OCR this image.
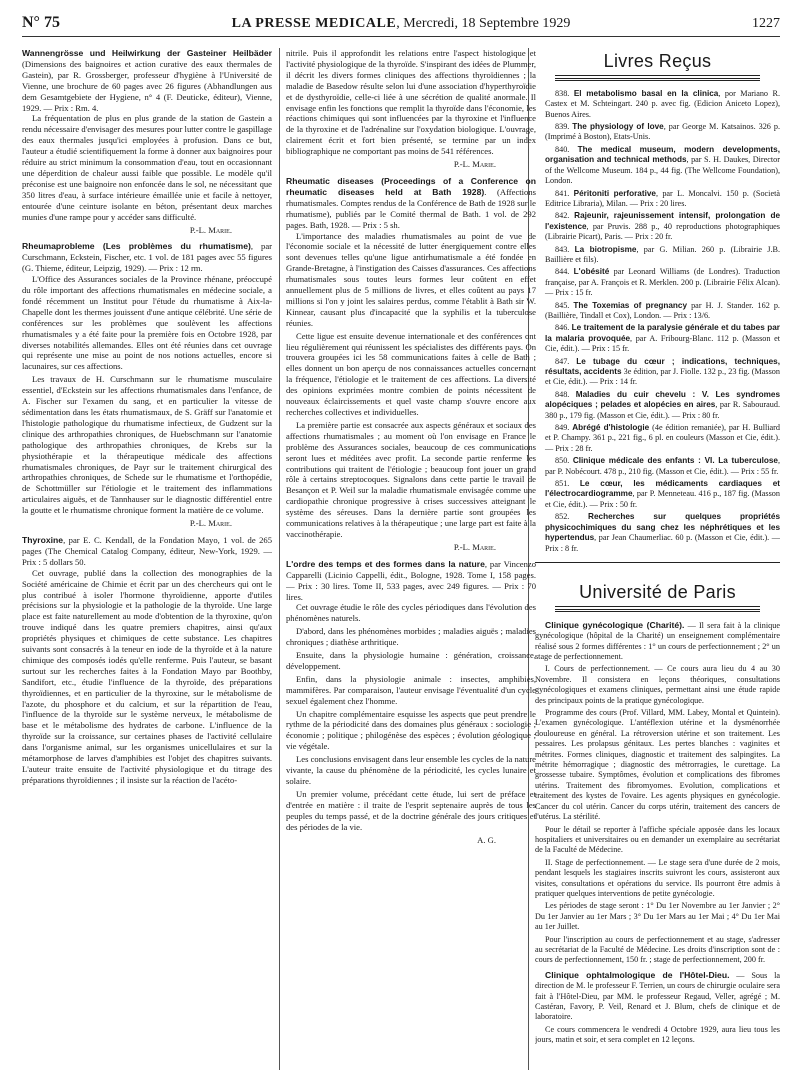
N° 75	LA PRESSE MEDICALE, Mercredi, 18 Septembre 1929	1227

Wannengrösse und Heilwirkung der Gasteiner Heilbäder (Dimensions des baignoires et action curative des eaux thermales de Gastein), par R. Grossberger, professeur d'hygiène à l'Université de Vienne, une brochure de 60 pages avec 26 figures (Abhandlungen aus dem Gesamtgebiete der Hygiene, n° 4 (F. Deuticke, éditeur), Vienne, 1929. — Prix : Rm. 4.

La fréquentation de plus en plus grande de la station de Gastein a rendu nécessaire d'envisager des mesures pour lutter contre le gaspillage des eaux thermales jusqu'ici employées à profusion. Dans ce but, l'auteur a étudié scientifiquement la forme à donner aux baignoires pour réduire au strict minimum la consommation d'eau, tout en occasionnant une déperdition de chaleur aussi faible que possible. Le modèle qu'il préconise est une baignoire non enfoncée dans le sol, ne nécessitant que 350 litres d'eau, à surface intérieure émaillée unie et facile à nettoyer, entourée d'une ceinture isolante en béton, présentant deux marches munies d'une rampe pour y accéder sans difficulté.

P.-L. Marie.

Rheumaprobleme (Les problèmes du rhumatisme), par Curschmann, Eckstein, Fischer, etc. 1 vol. de 181 pages avec 55 figures (G. Thieme, éditeur, Leipzig, 1929). — Prix : 12 rm.

L'Office des Assurances sociales de la Province rhénane, préoccupé du rôle important des affections rhumatismales en médecine sociale, a fondé récemment un Institut pour l'étude du rhumatisme à Aix-la-Chapelle dont les thermes jouissent d'une antique célébrité. Une série de conférences sur les problèmes que soulèvent les affections rhumatismales y a été faite pour la première fois en Octobre 1928, par diverses notabilités allemandes. Elles ont été réunies dans cet ouvrage qui représente une mise au point de nos notions actuelles, encore si lacunaires, sur ces affections.

Les travaux de H. Curschmann sur le rhumatisme musculaire essentiel, d'Eckstein sur les affections rhumatismales dans l'enfance, de A. Fischer sur l'examen du sang, et en particulier la vitesse de sédimentation dans les états rhumatismaux, de S. Gräff sur l'anatomie et l'histologie pathologique du rhumatisme infectieux, de Gudzent sur la clinique des arthropathies chroniques, de Huebschmann sur l'anatomie pathologique des arthropathies chroniques, de Krebs sur la physiothérapie et la thérapeutique médicale des affections rhumatismales chroniques, de Payr sur le traitement chirurgical des arthropathies chroniques, de Schede sur le rhumatisme et l'orthopédie, de Schottmüller sur l'étiologie et le traitement des inflammations articulaires aiguës, et de Tannhauser sur le diagnostic différentiel entre la goutte et le rhumatisme chronique forment la matière de ce volume.

P.-L. Marie.

Thyroxine, par E. C. Kendall, de la Fondation Mayo, 1 vol. de 265 pages (The Chemical Catalog Company, éditeur, New-York, 1929. — Prix : 5 dollars 50.

Cet ouvrage, publié dans la collection des monographies de la Société américaine de Chimie et écrit par un des chercheurs qui ont le plus contribué à isoler l'hormone thyroïdienne, apporte d'utiles précisions sur la physiologie et la pathologie de la thyroïde. Une large place est faite naturellement au mode d'obtention de la thyroxine, qu'on trouve indiqué dans les quatre premiers chapitres, ainsi qu'aux propriétés physiques et chimiques de cette substance. Les chapitres suivants sont consacrés à la teneur en iode de la thyroïde et à la nature chimique des composés iodés qu'elle renferme. Puis l'auteur, se basant surtout sur les recherches faites à la Fondation Mayo par Boothby, Sandifort, etc., étudie l'influence de la thyroïde, des préparations thyroïdiennes, et en particulier de la thyroxine, sur le métabolisme de l'azote, du phosphore et du calcium, et sur la répartition de l'eau, l'influence de la thyroïde sur le système nerveux, le métabolisme de base et le métabolisme des hydrates de carbone. L'influence de la thyroïde sur la croissance, sur certaines phases de l'activité cellulaire dans l'organisme animal, sur les organismes unicellulaires et sur la métamorphose de larves d'amphibies est l'objet des chapitres suivants. L'auteur traite ensuite de l'activité physiologique et du titrage des préparations thyroïdiennes ; il insiste sur la réaction de l'acéto-

nitrile. Puis il approfondit les relations entre l'aspect histologique et l'activité physiologique de la thyroïde. S'inspirant des idées de Plummer, il décrit les divers formes cliniques des affections thyroïdiennes ; la maladie de Basedow résulte selon lui d'une association d'hyperthyroïdie et de dysthyroïdie, celle-ci liée à une sécrétion de qualité anormale. Il envisage enfin les fonctions que remplit la thyroïde dans l'économie, les réactions chimiques qui sont influencées par la thyroxine et l'influence de la thyroxine et de l'adrénaline sur l'oxydation biologique. L'ouvrage, clairement écrit et fort bien présenté, se termine par un index bibliographique ne comportant pas moins de 541 références.

P.-L. Marie.

Rheumatic diseases (Proceedings of a Conference on rheumatic diseases held at Bath 1928). (Affections rhumatismales. Comptes rendus de la Conférence de Bath de 1928 sur le rhumatisme), publiés par le Comité thermal de Bath. 1 vol. de 292 pages. Bath, 1928. — Prix : 5 sh.

L'importance des maladies rhumatismales au point de vue de l'économie sociale et la nécessité de lutter énergiquement contre elles sont devenues telles qu'une ligue antirhumatismale a été fondée en Grande-Bretagne, à l'instigation des Caisses d'assurances. Ces affections rhumatismales sous toutes leurs formes leur coûtent en effet annuellement plus de 5 millions de livres, et elles coûtent au pays 17 millions si l'on y joint les salaires perdus, comme l'établit à Bath sir W. Kinnear, causant plus d'incapacité que la syphilis et la tuberculose réunies.

Cette ligue est ensuite devenue internationale et des conférences ont lieu régulièrement qui réunissent les spécialistes des différents pays. On trouvera groupées ici les 58 communications faites à celle de Bath ; elles donnent un bon aperçu de nos connaissances actuelles concernant la fréquence, l'étiologie et le traitement de ces affections. La diversité des opinions exprimées montre combien de points nécessitent de nouveaux éclaircissements et quel vaste champ s'ouvre encore aux recherches collectives et individuelles.

La première partie est consacrée aux aspects généraux et sociaux des affections rhumatismales ; au moment où l'on envisage en France le problème des Assurances sociales, beaucoup de ces communications seront lues et méditées avec profit. La seconde partie renferme les contributions qui traitent de l'étiologie ; beaucoup font jouer un grand rôle à certains streptocoques. Signalons dans cette partie le travail de Besançon et P. Weil sur la maladie rhumatismale envisagée comme une cardiopathie chronique progressive à crises successives atteignant le système des séreuses. Dans la dernière partie sont groupées les communications relatives à la thérapeutique ; une large part est faite à la vaccinothérapie.

P.-L. Marie.

L'ordre des temps et des formes dans la nature, par Vincenzo Capparelli (Licinio Cappelli, édit., Bologne, 1928. Tome I, 158 pages. — Prix : 30 lires. Tome II, 533 pages, avec 249 figures. — Prix : 70 lires.

Cet ouvrage étudie le rôle des cycles périodiques dans l'évolution des phénomènes naturels.

D'abord, dans les phénomènes morbides ; maladies aiguës ; maladies chroniques ; diathèse arthritique.

Ensuite, dans la physiologie humaine : génération, croissance, développement.

Enfin, dans la physiologie animale : insectes, amphibies, mammifères. Par comparaison, l'auteur envisage l'éventualité d'un cycle sexuel également chez l'homme.

Un chapitre complémentaire esquisse les aspects que peut prendre le rythme de la périodicité dans des domaines plus généraux : sociologie ; économie ; politique ; philogénèse des espèces ; évolution géologique ; vie végétale.

Les conclusions envisagent dans leur ensemble les cycles de la nature vivante, la cause du phénomène de la périodicité, les cycles lunaire et solaire.

Un premier volume, précédant cette étude, lui sert de préface et d'entrée en matière : il traite de l'esprit septenaire auprès de tous les peuples du temps passé, et de la doctrine générale des jours critiques et des périodes de la vie.

A. G.
Livres Reçus

838. El metabolismo basal en la clinica, por Mariano R. Castex et M. Schteingart. 240 p. avec fig. (Edicion Aniceto Lopez), Buenos Aires.

839. The physiology of love, par George M. Katsainos. 326 p. (Imprimé à Boston), Etats-Unis.

840. The medical museum, modern developments, organisation and technical methods, par S. H. Daukes, Director of the Wellcome Museum. 184 p., 44 fig. (The Wellcome Foundation), London.

841. Péritoniti perforative, par L. Moncalvi. 150 p. (Società Editrice Libraria), Milan. — Prix : 20 lires.

842. Rajeunir, rajeunissement intensif, prolongation de l'existence, par Pruvis. 288 p., 40 reproductions photographiques (Librairie Picart), Paris. — Prix : 20 fr.

843. La biotropisme, par G. Milian. 260 p. (Librairie J.B. Baillière et fils).

844. L'obésité par Leonard Williams (de Londres). Traduction française, par A. François et R. Merklen. 200 p. (Librairie Félix Alcan). — Prix : 15 fr.

845. The Toxemias of pregnancy par H. J. Stander. 162 p. (Baillière, Tindall et Cox), London. — Prix : 13/6.

846. Le traitement de la paralysie générale et du tabes par la malaria provoquée, par A. Fribourg-Blanc. 112 p. (Masson et Cie, édit.). — Prix : 15 fr.

847. Le tubage du cœur ; indications, techniques, résultats, accidents 3e édition, par J. Fiolle. 132 p., 23 fig. (Masson et Cie, édit.). — Prix : 14 fr.

848. Maladies du cuir chevelu : V. Les syndromes alopéciques ; pelades et alopécies en aires, par R. Sabouraud. 380 p., 179 fig. (Masson et Cie, édit.). — Prix : 80 fr.

849. Abrégé d'histologie (4e édition remaniée), par H. Bulliard et P. Champy. 361 p., 221 fig., 6 pl. en couleurs (Masson et Cie, édit.). — Prix : 28 fr.

850. Clinique médicale des enfants : VI. La tuberculose, par P. Nobécourt. 478 p., 210 fig. (Masson et Cie, édit.). — Prix : 55 fr.

851. Le cœur, les médicaments cardiaques et l'électrocardiogramme, par P. Menneteau. 416 p., 187 fig. (Masson et Cie, édit.). — Prix : 50 fr.

852. Recherches sur quelques propriétés physicochimiques du sang chez les néphrétiques et les hypertendus, par Jean Chaumerliac. 60 p. (Masson et Cie, édit.). — Prix : 8 fr.

Université de Paris

Clinique gynécologique (Charité). — Il sera fait à la clinique gynécologique (hôpital de la Charité) un enseignement complémentaire réalisé sous 2 formes différentes : 1° un cours de perfectionnement ; 2° un stage de perfectionnement.

I. Cours de perfectionnement. — Ce cours aura lieu du 4 au 30 Novembre. Il consistera en leçons théoriques, consultations gynécologiques et examens cliniques, permettant ainsi une étude rapide des principaux points de la pratique gynécologique.

Programme des cours (Prof. Villard, MM. Labey, Montal et Quintein). L'examen gynécologique. L'antéflexion utérine et la dysménorrhée douloureuse en général. La rétroversion utérine et son traitement. Les pessaires. Les prolapsus génitaux. Les pertes blanches : vaginites et métrites. Formes cliniques, diagnostic et traitement des salpingites. La métrite hémorragique ; diagnostic des métrorragies, le curettage. La grossesse tubaire. Symptômes, évolution et complications des fibromes utérins. Traitement des fibromyomes. Evolution, complications et traitement des kystes de l'ovaire. Les agents physiques en gynécologie. Cancer du col utérin. Cancer du corps utérin, traitement des cancers de l'utérus. La stérilité.

Pour le détail se reporter à l'affiche spéciale apposée dans les locaux hospitaliers et universitaires ou en demander un exemplaire au secrétariat de la Faculté de Médecine.

II. Stage de perfectionnement. — Le stage sera d'une durée de 2 mois, pendant lesquels les stagiaires inscrits suivront les cours, assisteront aux visites, consultations et opérations du service. Ils pourront être admis à pratiquer quelques interventions de petite gynécologie.

Les périodes de stage seront : 1° Du 1er Novembre au 1er Janvier ; 2° Du 1er Janvier au 1er Mars ; 3° Du 1er Mars au 1er Mai ; 4° Du 1er Mai au 1er Juillet.

Pour l'inscription au cours de perfectionnement et au stage, s'adresser au secrétariat de la Faculté de Médecine. Les droits d'inscription sont de : cours de perfectionnement, 150 fr. ; stage de perfectionnement, 200 fr.

Clinique ophtalmologique de l'Hôtel-Dieu. — Sous la direction de M. le professeur F. Terrien, un cours de chirurgie oculaire sera fait à l'Hôtel-Dieu, par MM. le professeur Regaud, Veller, agrégé ; M. Castéran, Favory, P. Veil, Renard et J. Blum, chefs de clinique et de laboratoire.

Ce cours commencera le vendredi 4 Octobre 1929, aura lieu tous les jours, matin et soir, et sera complet en 12 leçons.
